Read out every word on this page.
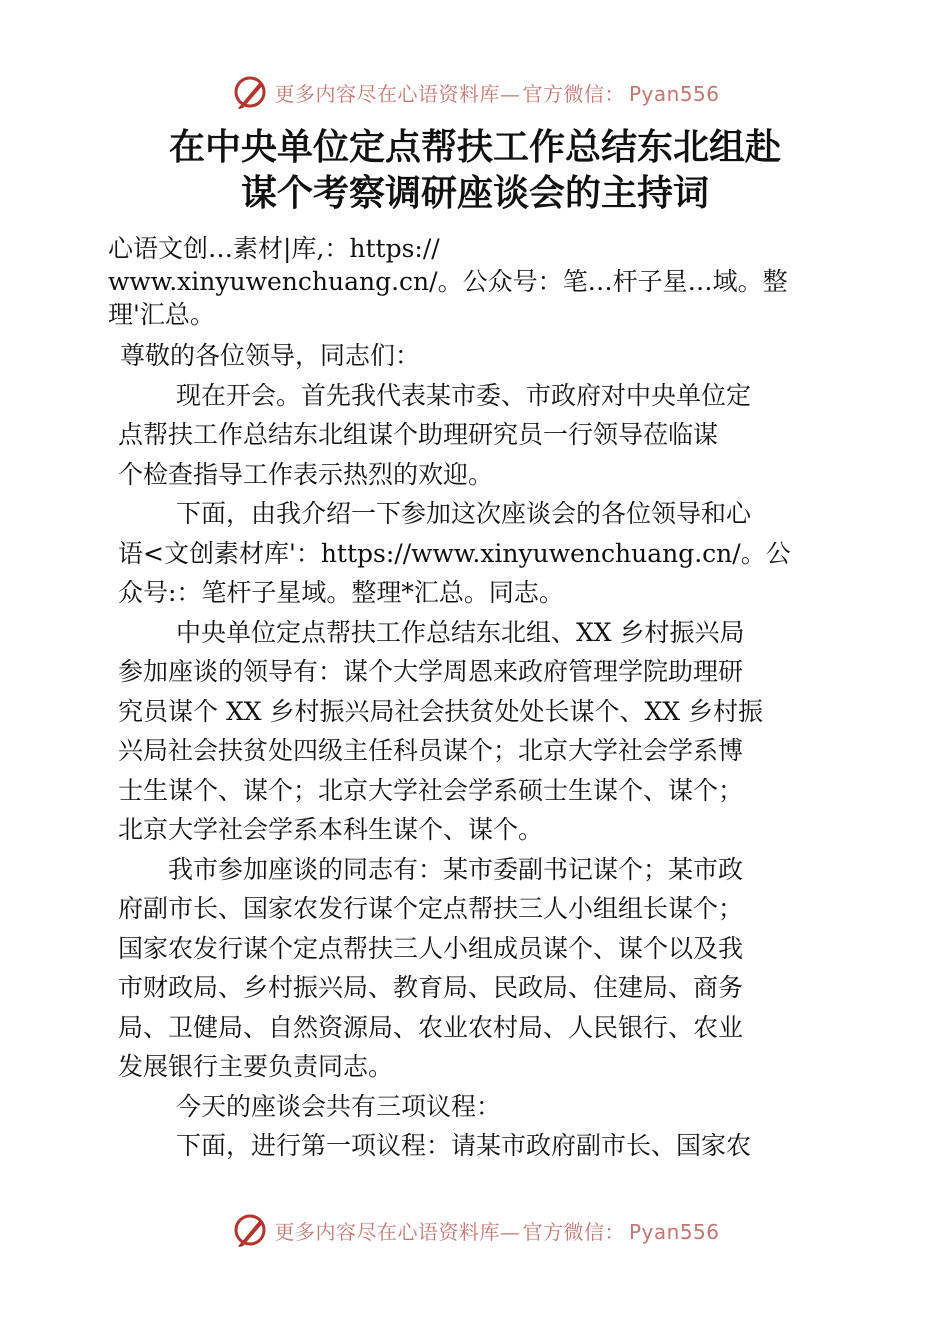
更多内容尽在心语资料库— 官方微信： Pyan556
在中央单位定点帮扶工作总结东北组赴
谋个考察调研座谈会的主持词
心语文创…素材|库,：https://
www.xinyuwenchuang.cn/。公众号：笔…杆子星…域。整
理'汇总。

尊敬的各位领导，同志们：

现在开会。首先我代表某市委、市政府对中央单位定
点帮扶工作总结东北组谋个助理研究员一行领导莅临谋
个检查指导工作表示热烈的欢迎。

下面，由我介绍一下参加这次座谈会的各位领导和心
语<文创素材库'：https://www.xinyuwenchuang.cn/。公
众号:：笔杆子星域。整理*汇总。同志。

中央单位定点帮扶工作总结东北组、XX 乡村振兴局
参加座谈的领导有：谋个大学周恩来政府管理学院助理研
究员谋个 XX 乡村振兴局社会扶贫处处长谋个、XX 乡村振
兴局社会扶贫处四级主任科员谋个；北京大学社会学系博
士生谋个、谋个；北京大学社会学系硕士生谋个、谋个；
北京大学社会学系本科生谋个、谋个。

我市参加座谈的同志有：某市委副书记谋个；某市政
府副市长、国家农发行谋个定点帮扶三人小组组长谋个；
国家农发行谋个定点帮扶三人小组成员谋个、谋个以及我
市财政局、乡村振兴局、教育局、民政局、住建局、商务
局、卫健局、自然资源局、农业农村局、人民银行、农业
发展银行主要负责同志。

今天的座谈会共有三项议程：

下面，进行第一项议程：请某市政府副市长、国家农

更多内容尽在心语资料库— 官方微信： Pyan556
